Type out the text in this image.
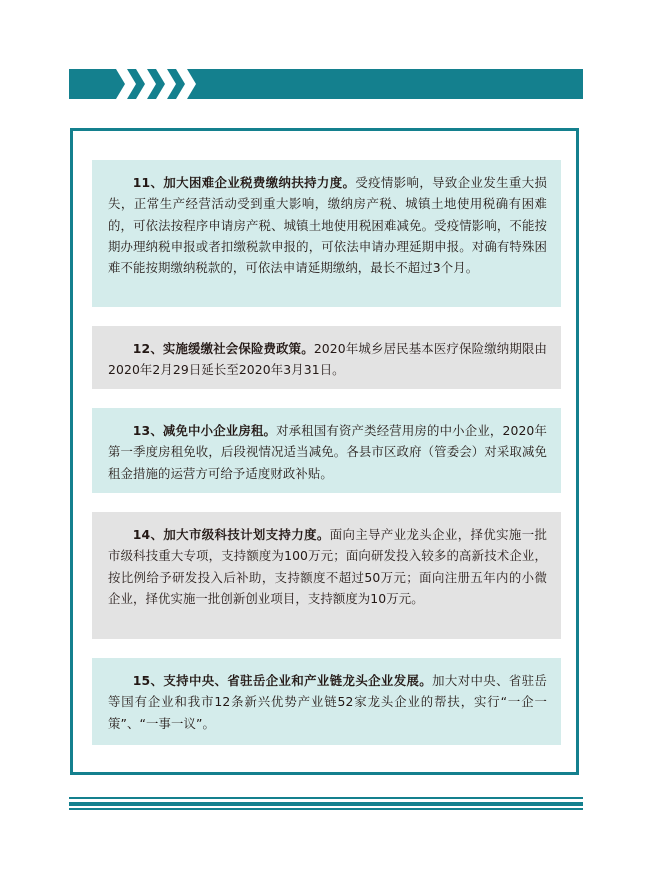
11、加大困难企业税费缴纳扶持力度。受疫情影响，导致企业发生重大损失，正常生产经营活动受到重大影响，缴纳房产税、城镇土地使用税确有困难的，可依法按程序申请房产税、城镇土地使用税困难减免。受疫情影响，不能按期办理纳税申报或者扣缴税款申报的，可依法申请办理延期申报。对确有特殊困难不能按期缴纳税款的，可依法申请延期缴纳，最长不超过3个月。

12、实施缓缴社会保险费政策。2020年城乡居民基本医疗保险缴纳期限由2020年2月29日延长至2020年3月31日。

13、减免中小企业房租。对承租国有资产类经营用房的中小企业，2020年第一季度房租免收，后段视情况适当减免。各县市区政府（管委会）对采取减免租金措施的运营方可给予适度财政补贴。

14、加大市级科技计划支持力度。面向主导产业龙头企业，择优实施一批市级科技重大专项，支持额度为100万元；面向研发投入较多的高新技术企业，按比例给予研发投入后补助，支持额度不超过50万元；面向注册五年内的小微企业，择优实施一批创新创业项目，支持额度为10万元。

15、支持中央、省驻岳企业和产业链龙头企业发展。加大对中央、省驻岳等国有企业和我市12条新兴优势产业链52家龙头企业的帮扶，实行“一企一策”、“一事一议”。
